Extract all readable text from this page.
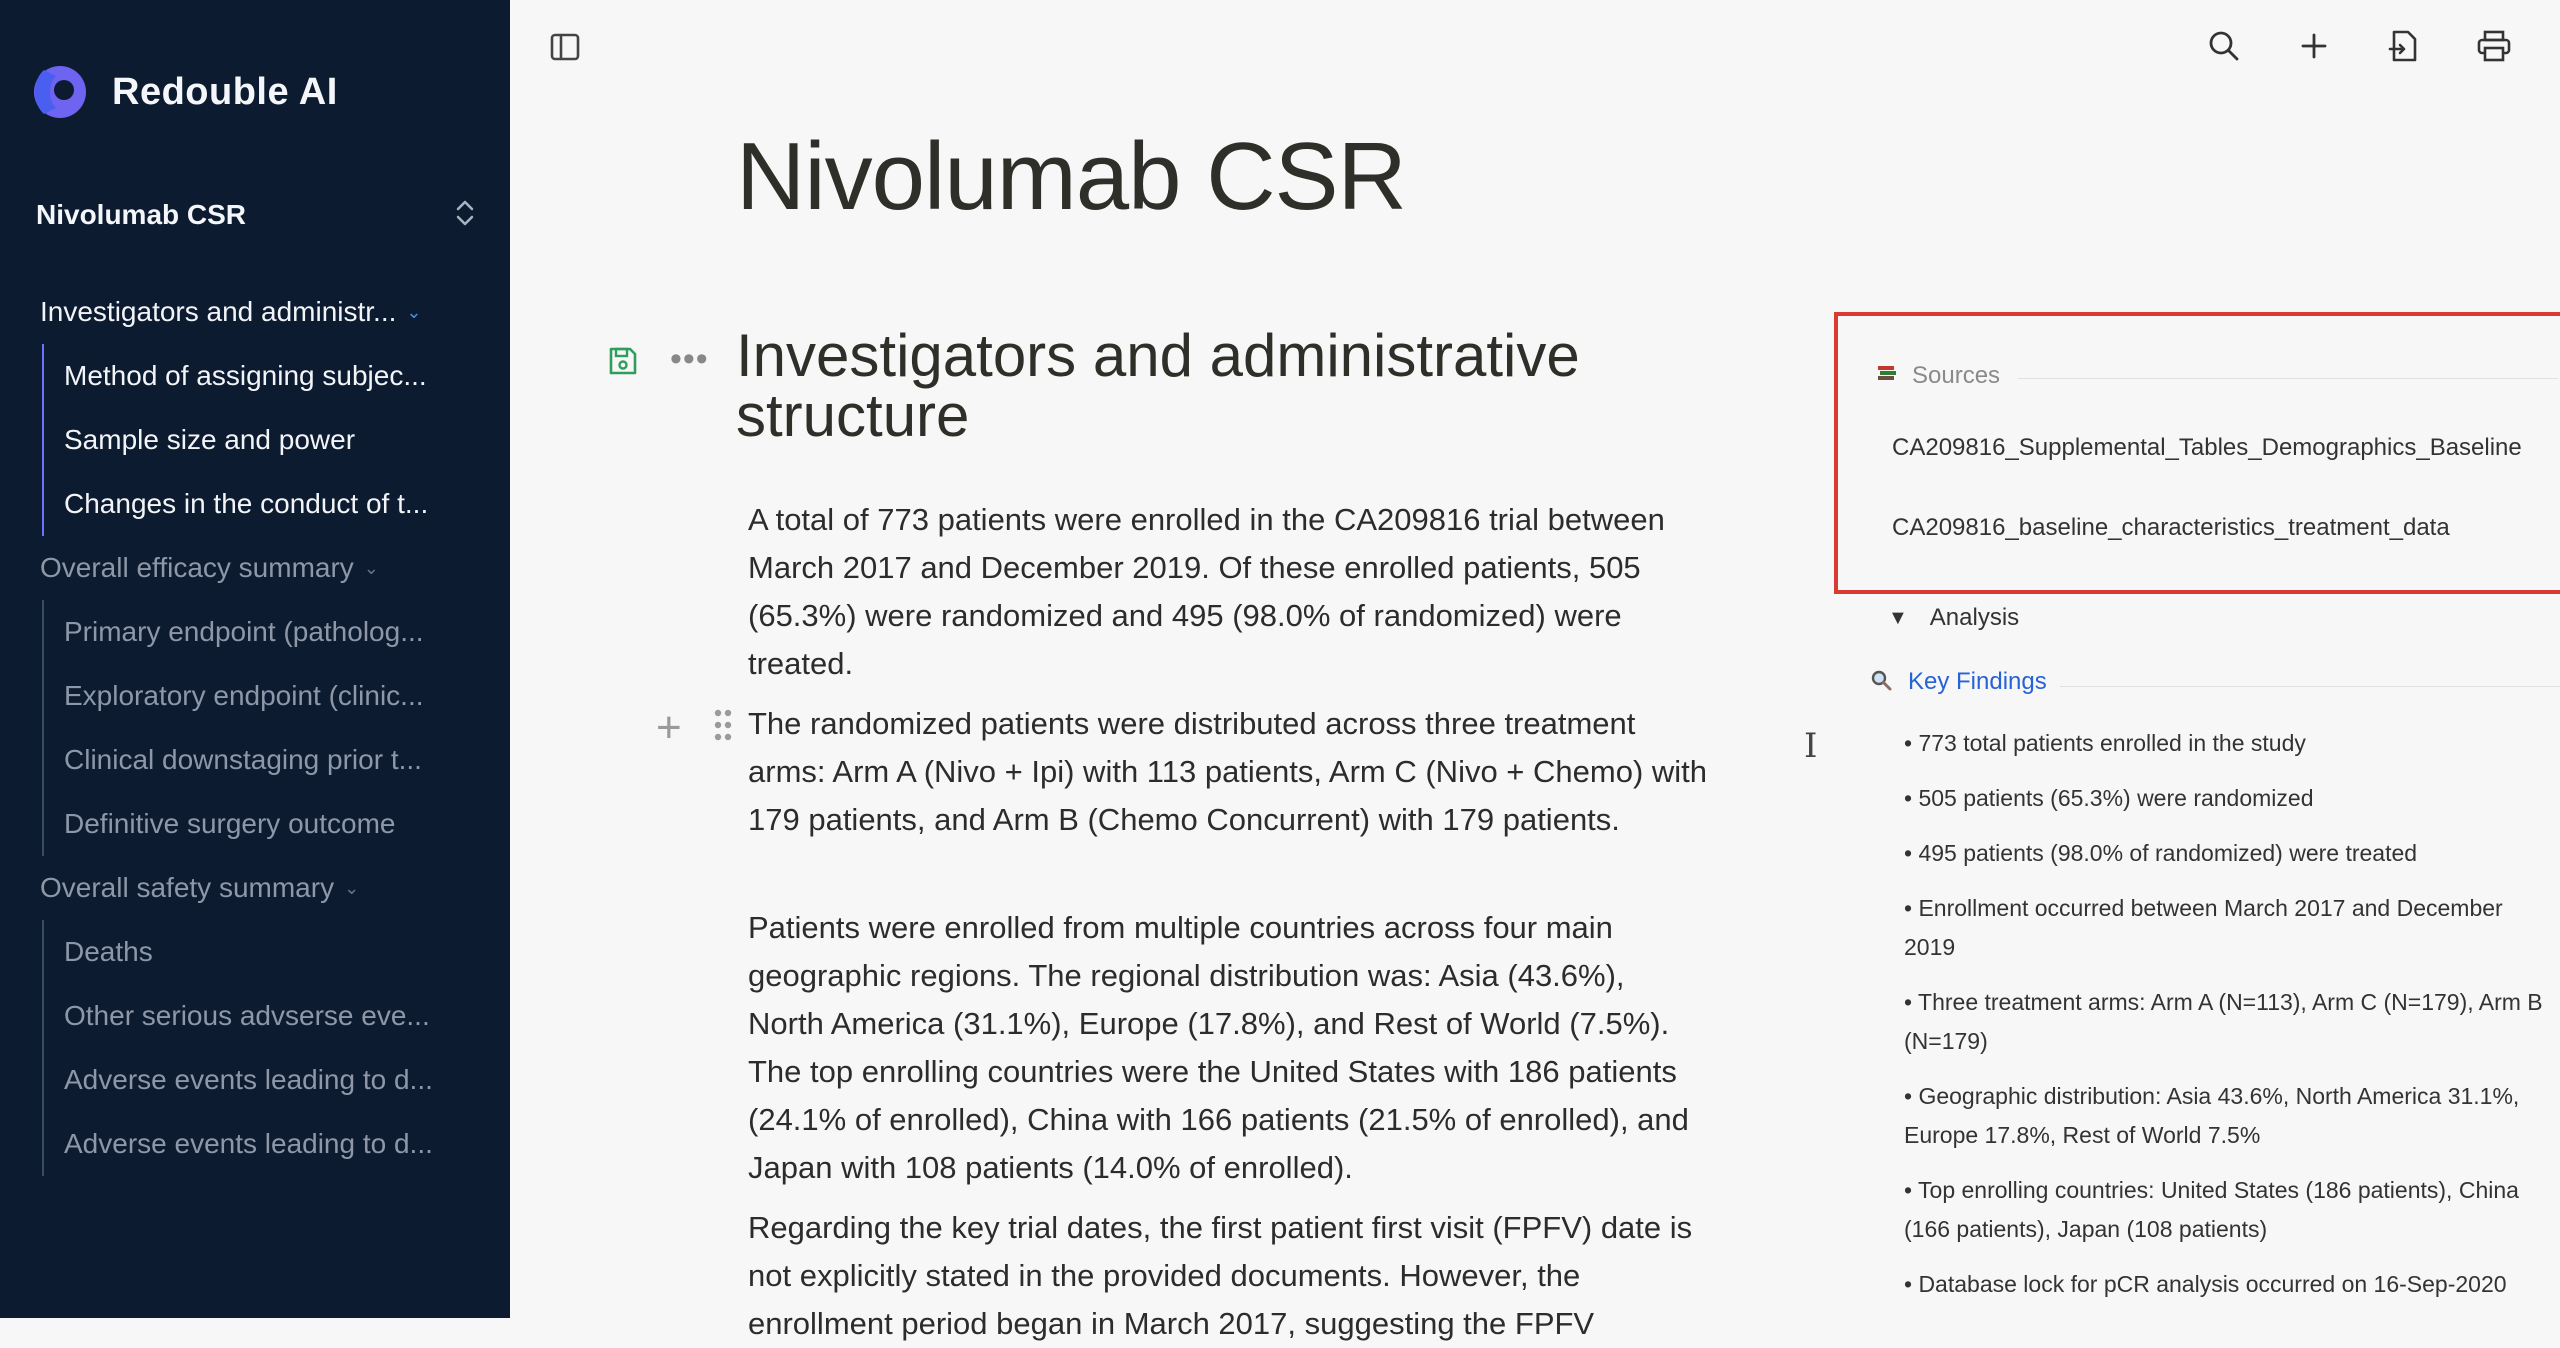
Redouble AI
Nivolumab CSR
Investigators and administr... ⌄
Method of assigning subjec...
Sample size and power
Changes in the conduct of t...
Overall efficacy summary ⌄
Primary endpoint (patholog...
Exploratory endpoint (clinic...
Clinical downstaging prior t...
Definitive surgery outcome
Overall safety summary ⌄
Deaths
Other serious advserse eve...
Adverse events leading to d...
Adverse events leading to d...
Nivolumab CSR
••• Investigators and administrative structure
+

A total of 773 patients were enrolled in the CA209816 trial between March 2017 and December 2019. Of these enrolled patients, 505 (65.3%) were randomized and 495 (98.0% of randomized) were treated.

The randomized patients were distributed across three treatment arms: Arm A (Nivo + Ipi) with 113 patients, Arm C (Nivo + Chemo) with 179 patients, and Arm B (Chemo Concurrent) with 179 patients.

Patients were enrolled from multiple countries across four main geographic regions. The regional distribution was: Asia (43.6%), North America (31.1%), Europe (17.8%), and Rest of World (7.5%). The top enrolling countries were the United States with 186 patients (24.1% of enrolled), China with 166 patients (21.5% of enrolled), and Japan with 108 patients (14.0% of enrolled).

Regarding the key trial dates, the first patient first visit (FPFV) date is not explicitly stated in the provided documents. However, the enrollment period began in March 2017, suggesting the FPFV

I
Sources
CA209816_Supplemental_Tables_Demographics_Baseline
CA209816_baseline_characteristics_treatment_data
▼ Analysis
Key Findings
• 773 total patients enrolled in the study
• 505 patients (65.3%) were randomized
• 495 patients (98.0% of randomized) were treated
• Enrollment occurred between March 2017 and December 2019
• Three treatment arms: Arm A (N=113), Arm C (N=179), Arm B (N=179)
• Geographic distribution: Asia 43.6%, North America 31.1%, Europe 17.8%, Rest of World 7.5%
• Top enrolling countries: United States (186 patients), China (166 patients), Japan (108 patients)
• Database lock for pCR analysis occurred on 16-Sep-2020
